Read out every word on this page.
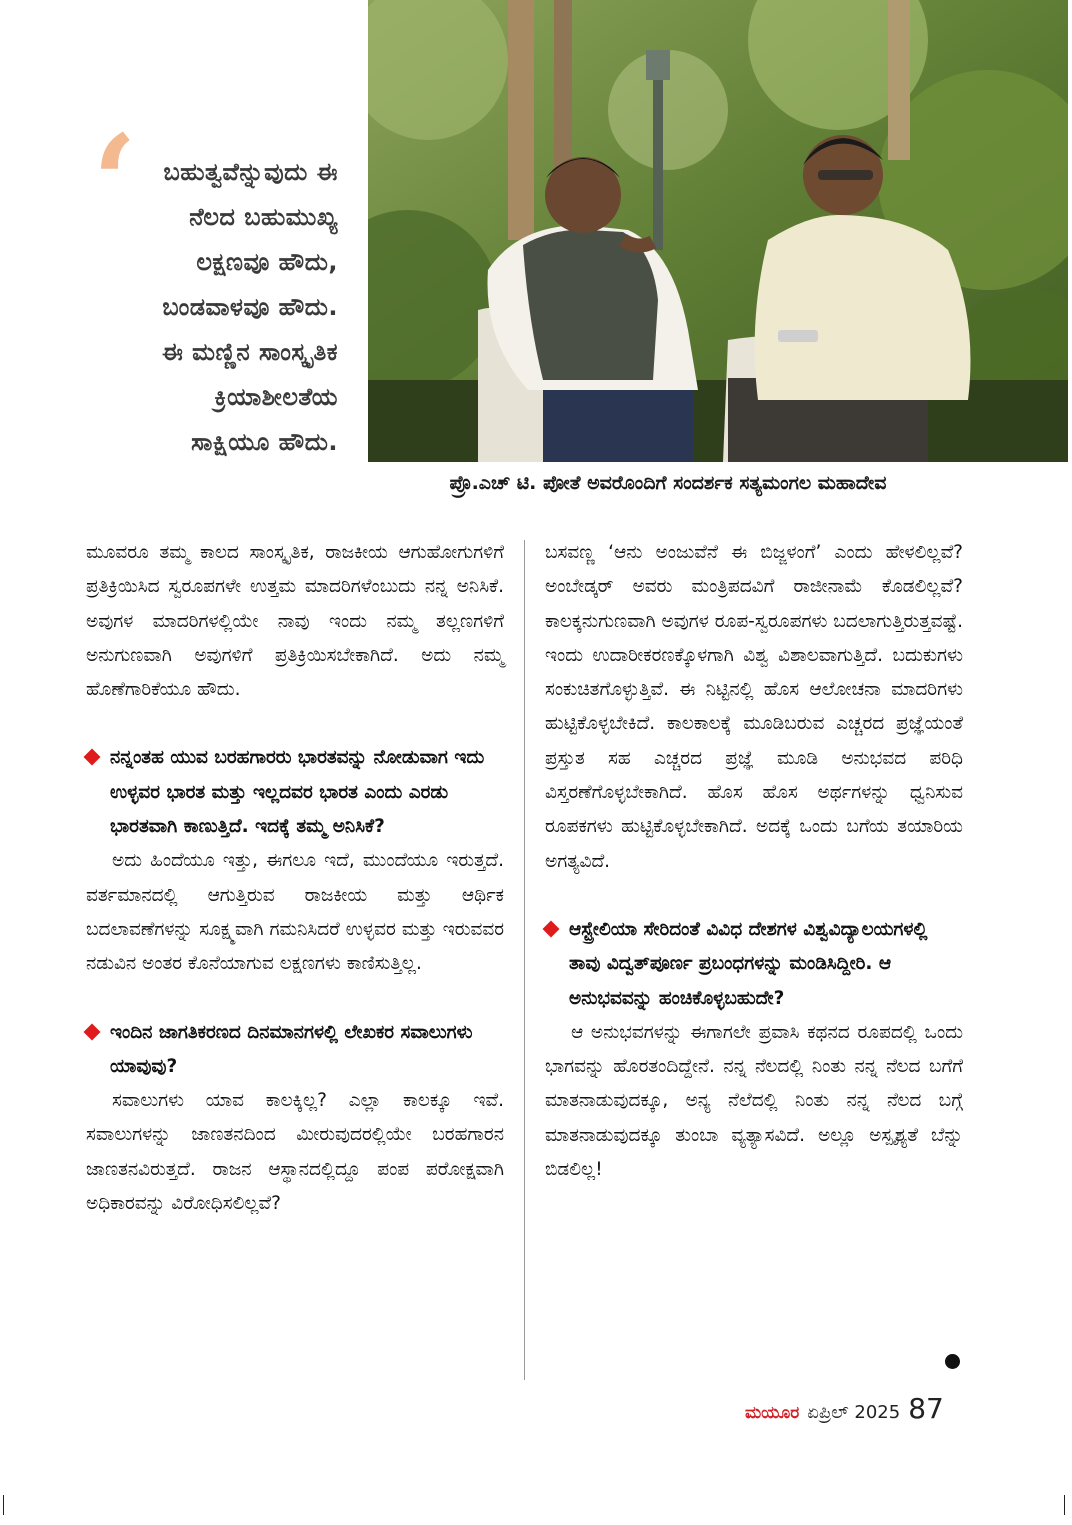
‘	ಬಹುತ್ವವೆನ್ನುವುದು ಈ
ನೆಲದ ಬಹುಮುಖ್ಯ
ಲಕ್ಷಣವೂ ಹೌದು,
ಬಂಡವಾಳವೂ ಹೌದು.
ಈ ಮಣ್ಣಿನ ಸಾಂಸ್ಕೃತಿಕ
ಕ್ರಿಯಾಶೀಲತೆಯ
ಸಾಕ್ಷಿಯೂ ಹೌದು.
ಪ್ರೊ.ಎಚ್ ಟಿ. ಪೋತೆ ಅವರೊಂದಿಗೆ ಸಂದರ್ಶಕ ಸತ್ಯಮಂಗಲ ಮಹಾದೇವ

ಮೂವರೂ ತಮ್ಮ ಕಾಲದ ಸಾಂಸ್ಕೃತಿಕ, ರಾಜಕೀಯ ಆಗುಹೋಗುಗಳಿಗೆ ಪ್ರತಿಕ್ರಿಯಿಸಿದ ಸ್ವರೂಪಗಳೇ ಉತ್ತಮ ಮಾದರಿಗಳೆಂಬುದು ನನ್ನ ಅನಿಸಿಕೆ. ಅವುಗಳ ಮಾದರಿಗಳಲ್ಲಿಯೇ ನಾವು ಇಂದು ನಮ್ಮ ತಲ್ಲಣಗಳಿಗೆ ಅನುಗುಣವಾಗಿ ಅವುಗಳಿಗೆ ಪ್ರತಿಕ್ರಿಯಿಸಬೇಕಾಗಿದೆ. ಅದು ನಮ್ಮ ಹೊಣೆಗಾರಿಕೆಯೂ ಹೌದು.

ನನ್ನಂತಹ ಯುವ ಬರಹಗಾರರು ಭಾರತವನ್ನು ನೋಡುವಾಗ ಇದು ಉಳ್ಳವರ ಭಾರತ ಮತ್ತು ಇಲ್ಲದವರ ಭಾರತ ಎಂದು ಎರಡು ಭಾರತವಾಗಿ ಕಾಣುತ್ತಿದೆ. ಇದಕ್ಕೆ ತಮ್ಮ ಅನಿಸಿಕೆ?

ಅದು ಹಿಂದೆಯೂ ಇತ್ತು, ಈಗಲೂ ಇದೆ, ಮುಂದೆಯೂ ಇರುತ್ತದೆ. ವರ್ತಮಾನದಲ್ಲಿ ಆಗುತ್ತಿರುವ ರಾಜಕೀಯ ಮತ್ತು ಆರ್ಥಿಕ ಬದಲಾವಣೆಗಳನ್ನು ಸೂಕ್ಷ್ಮವಾಗಿ ಗಮನಿಸಿದರೆ ಉಳ್ಳವರ ಮತ್ತು ಇರುವವರ ನಡುವಿನ ಅಂತರ ಕೊನೆಯಾಗುವ ಲಕ್ಷಣಗಳು ಕಾಣಿಸುತ್ತಿಲ್ಲ.

ಇಂದಿನ ಜಾಗತಿಕರಣದ ದಿನಮಾನಗಳಲ್ಲಿ ಲೇಖಕರ ಸವಾಲುಗಳು ಯಾವುವು?

ಸವಾಲುಗಳು ಯಾವ ಕಾಲಕ್ಕಿಲ್ಲ? ಎಲ್ಲಾ ಕಾಲಕ್ಕೂ ಇವೆ. ಸವಾಲುಗಳನ್ನು ಜಾಣತನದಿಂದ ಮೀರುವುದರಲ್ಲಿಯೇ ಬರಹಗಾರನ ಜಾಣತನವಿರುತ್ತದೆ. ರಾಜನ ಆಸ್ಥಾನದಲ್ಲಿದ್ದೂ ಪಂಪ ಪರೋಕ್ಷವಾಗಿ ಅಧಿಕಾರವನ್ನು ವಿರೋಧಿಸಲಿಲ್ಲವೆ?

ಬಸವಣ್ಣ ‘ಆನು ಅಂಜುವೆನೆ ಈ ಬಿಜ್ಜಳಂಗೆ’ ಎಂದು ಹೇಳಲಿಲ್ಲವೆ? ಅಂಬೇಡ್ಕರ್ ಅವರು ಮಂತ್ರಿಪದವಿಗೆ ರಾಜೀನಾಮೆ ಕೊಡಲಿಲ್ಲವೆ? ಕಾಲಕ್ಕನುಗುಣವಾಗಿ ಅವುಗಳ ರೂಪ-ಸ್ವರೂಪಗಳು ಬದಲಾಗುತ್ತಿರುತ್ತವಷ್ಟೆ. ಇಂದು ಉದಾರೀಕರಣಕ್ಕೊಳಗಾಗಿ ವಿಶ್ವ ವಿಶಾಲವಾಗುತ್ತಿದೆ. ಬದುಕುಗಳು ಸಂಕುಚಿತಗೊಳ್ಳುತ್ತಿವೆ. ಈ ನಿಟ್ಟಿನಲ್ಲಿ ಹೊಸ ಆಲೋಚನಾ ಮಾದರಿಗಳು ಹುಟ್ಟಿಕೊಳ್ಳಬೇಕಿದೆ. ಕಾಲಕಾಲಕ್ಕೆ ಮೂಡಿಬರುವ ಎಚ್ಚರದ ಪ್ರಜ್ಞೆಯಂತೆ ಪ್ರಸ್ತುತ ಸಹ ಎಚ್ಚರದ ಪ್ರಜ್ಞೆ ಮೂಡಿ ಅನುಭವದ ಪರಿಧಿ ವಿಸ್ತರಣೆಗೊಳ್ಳಬೇಕಾಗಿದೆ. ಹೊಸ ಹೊಸ ಅರ್ಥಗಳನ್ನು ಧ್ವನಿಸುವ ರೂಪಕಗಳು ಹುಟ್ಟಿಕೊಳ್ಳಬೇಕಾಗಿದೆ. ಅದಕ್ಕೆ ಒಂದು ಬಗೆಯ ತಯಾರಿಯ ಅಗತ್ಯವಿದೆ.

ಆಸ್ಟ್ರೇಲಿಯಾ ಸೇರಿದಂತೆ ವಿವಿಧ ದೇಶಗಳ ವಿಶ್ವವಿದ್ಯಾಲಯಗಳಲ್ಲಿ ತಾವು ವಿದ್ವತ್‌ಪೂರ್ಣ ಪ್ರಬಂಧಗಳನ್ನು ಮಂಡಿಸಿದ್ದೀರಿ. ಆ ಅನುಭವವನ್ನು ಹಂಚಿಕೊಳ್ಳಬಹುದೇ?

ಆ ಅನುಭವಗಳನ್ನು ಈಗಾಗಲೇ ಪ್ರವಾಸಿ ಕಥನದ ರೂಪದಲ್ಲಿ ಒಂದು ಭಾಗವನ್ನು ಹೊರತಂದಿದ್ದೇನೆ. ನನ್ನ ನೆಲದಲ್ಲಿ ನಿಂತು ನನ್ನ ನೆಲದ ಬಗೆಗೆ ಮಾತನಾಡುವುದಕ್ಕೂ, ಅನ್ಯ ನೆಲೆದಲ್ಲಿ ನಿಂತು ನನ್ನ ನೆಲದ ಬಗ್ಗೆ ಮಾತನಾಡುವುದಕ್ಕೂ ತುಂಬಾ ವ್ಯತ್ಯಾಸವಿದೆ. ಅಲ್ಲೂ ಅಸ್ಪೃಶ್ಯತೆ ಬೆನ್ನು ಬಿಡಲಿಲ್ಲ!

ಮಯೂರ ಏಪ್ರಿಲ್ 2025 87
